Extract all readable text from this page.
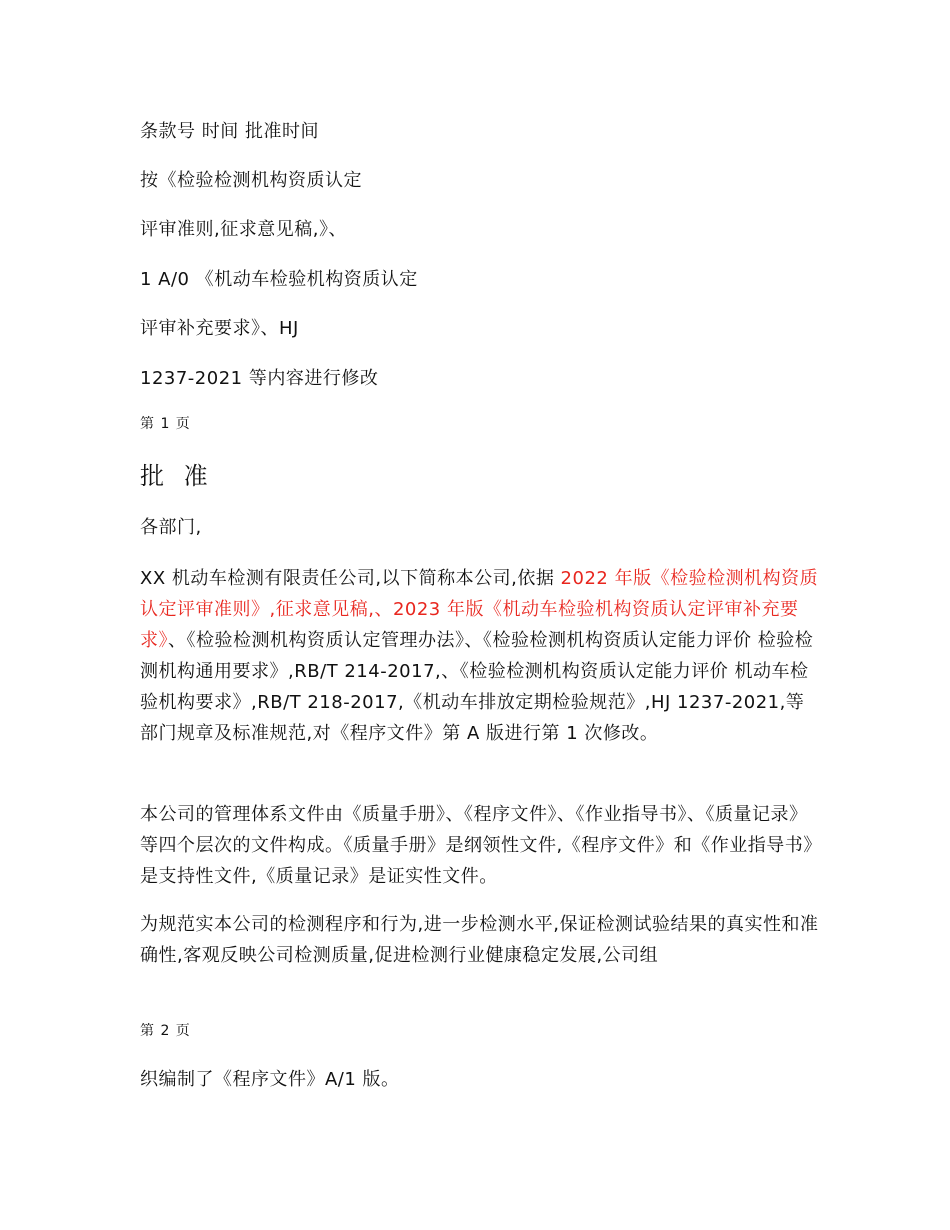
条款号 时间 批准时间
按《检验检测机构资质认定
评审准则,征求意见稿,》、
1 A/0 《机动车检验机构资质认定
评审补充要求》、HJ
1237-2021 等内容进行修改
第 1 页
批 准
各部门,
XX 机动车检测有限责任公司,以下简称本公司,依据 2022 年版《检验检测机构资质认定评审准则》,征求意见稿,、2023 年版《机动车检验机构资质认定评审补充要求》、《检验检测机构资质认定管理办法》、《检验检测机构资质认定能力评价 检验检测机构通用要求》,RB/T 214-2017,、《检验检测机构资质认定能力评价 机动车检验机构要求》,RB/T 218-2017,《机动车排放定期检验规范》,HJ 1237-2021,等部门规章及标准规范,对《程序文件》第 A 版进行第 1 次修改。
本公司的管理体系文件由《质量手册》、《程序文件》、《作业指导书》、《质量记录》等四个层次的文件构成。《质量手册》是纲领性文件,《程序文件》和《作业指导书》是支持性文件,《质量记录》是证实性文件。
为规范实本公司的检测程序和行为,进一步检测水平,保证检测试验结果的真实性和准确性,客观反映公司检测质量,促进检测行业健康稳定发展,公司组
第 2 页
织编制了《程序文件》A/1 版。
